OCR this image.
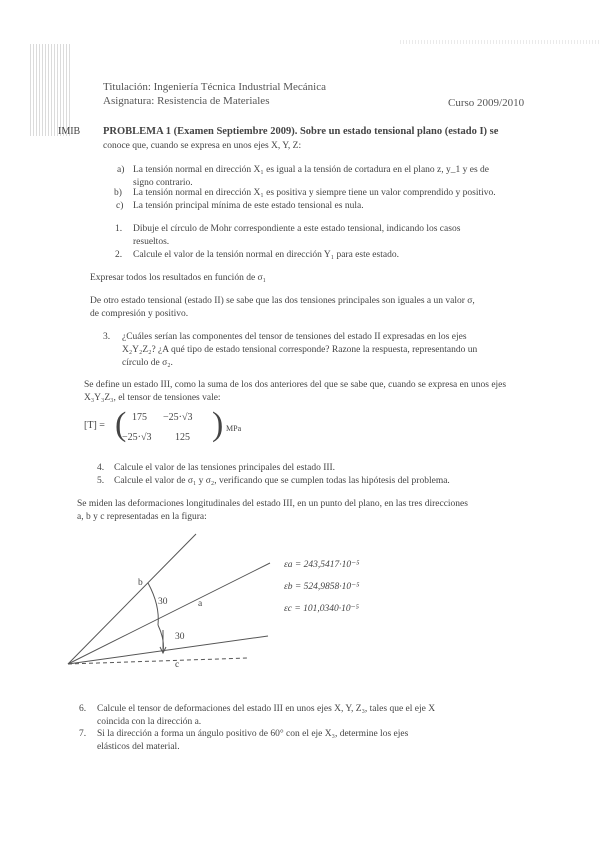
Titulación: Ingeniería Técnica Industrial Mecánica
Asignatura: Resistencia de Materiales	Curso 2009/2010
IMIB PROBLEMA 1 (Examen Septiembre 2009). Sobre un estado tensional plano (estado I) se
conoce que, cuando se expresa en unos ejes X, Y, Z:
a) La tensión normal en dirección X₁ es igual a la tensión de cortadura en el plano z, y_1 y es de
signo contrario.
b) La tensión normal en dirección X₁ es positiva y siempre tiene un valor comprendido y positivo.
c) La tensión principal mínima de este estado tensional es nula.
1. Dibuje el círculo de Mohr correspondiente a este estado tensional, indicando los casos
resueltos.
2. Calcule el valor de la tensión normal en dirección Y₁ para este estado.
Expresar todos los resultados en función de σ₁
De otro estado tensional (estado II) se sabe que las dos tensiones principales son iguales a un valor σ,
de compresión y positivo.
3. ¿Cuáles serían las componentes del tensor de tensiones del estado II expresadas en los ejes
X₂Y₂Z₂? ¿A qué tipo de estado tensional corresponde? Razone la respuesta, representando un
círculo de σ₂.
Se define un estado III, como la suma de los dos anteriores del que se sabe que, cuando se expresa en unos ejes
X₃Y₃Z₃, el tensor de tensiones vale:
[T] = ( 175 −25·√3
−25·√3 125 ) MPa
4. Calcule el valor de las tensiones principales del estado III.
5. Calcule el valor de σ₁ y σ₂, verificando que se cumplen todas las hipótesis del problema.
Se miden las deformaciones longitudinales del estado III, en un punto del plano, en las tres direcciones
a, b y c representadas en la figura:
b
a
c
30
30
εa = 243,5417·10⁻⁵
εb = 524,9858·10⁻⁵
εc = 101,0340·10⁻⁵
6. Calcule el tensor de deformaciones del estado III en unos ejes X, Y, Z₃, tales que el eje X
coincida con la dirección a.
7. Si la dirección a forma un ángulo positivo de 60° con el eje X₃, determine los ejes
elásticos del material.
